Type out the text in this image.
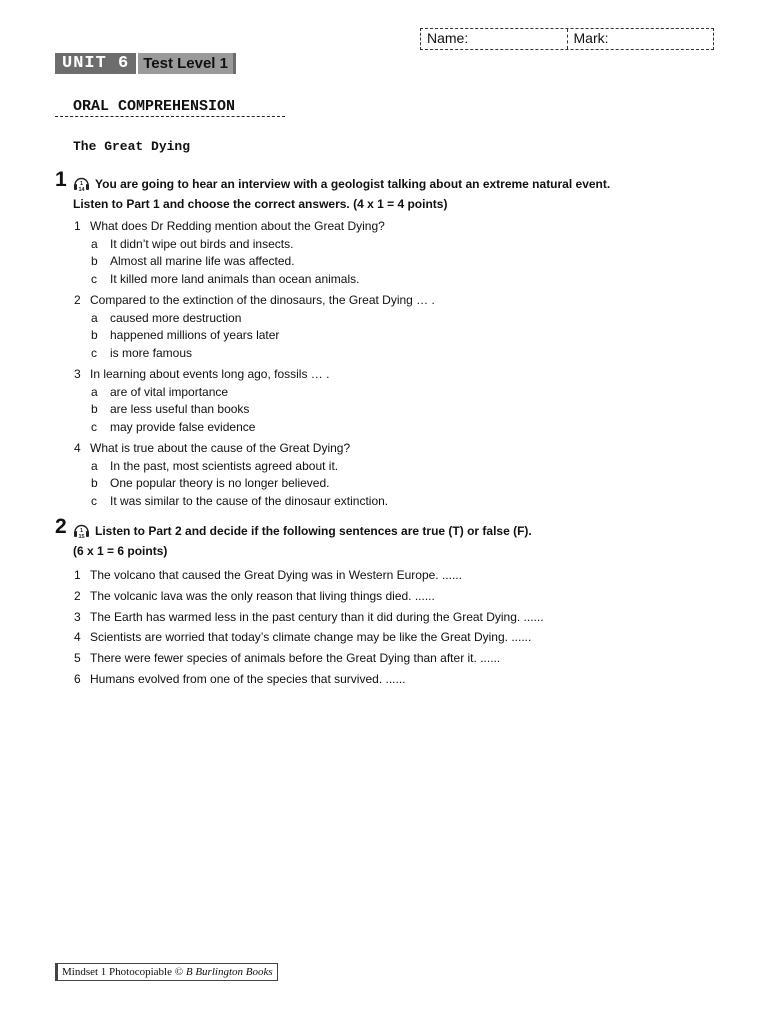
Name:	Mark:
UNIT 6 Test Level 1
ORAL COMPREHENSION
The Great Dying
1 1
14 You are going to hear an interview with a geologist talking about an extreme natural event.
Listen to Part 1 and choose the correct answers. (4 x 1 = 4 points)
1 What does Dr Redding mention about the Great Dying?
a	It didn’t wipe out birds and insects.
b	Almost all marine life was affected.
c	It killed more land animals than ocean animals.
2 Compared to the extinction of the dinosaurs, the Great Dying … .
a	caused more destruction
b	happened millions of years later
c	is more famous
3 In learning about events long ago, fossils … .
a	are of vital importance
b	are less useful than books
c	may provide false evidence
4 What is true about the cause of the Great Dying?
a	In the past, most scientists agreed about it.
b	One popular theory is no longer believed.
c	It was similar to the cause of the dinosaur extinction.
2 1
15 Listen to Part 2 and decide if the following sentences are true (T) or false (F).
(6 x 1 = 6 points)
1 The volcano that caused the Great Dying was in Western Europe. ......
2 The volcanic lava was the only reason that living things died. ......
3 The Earth has warmed less in the past century than it did during the Great Dying. ......
4 Scientists are worried that today’s climate change may be like the Great Dying. ......
5 There were fewer species of animals before the Great Dying than after it. ......
6 Humans evolved from one of the species that survived. ......
Mindset 1 Photocopiable © B Burlington Books
